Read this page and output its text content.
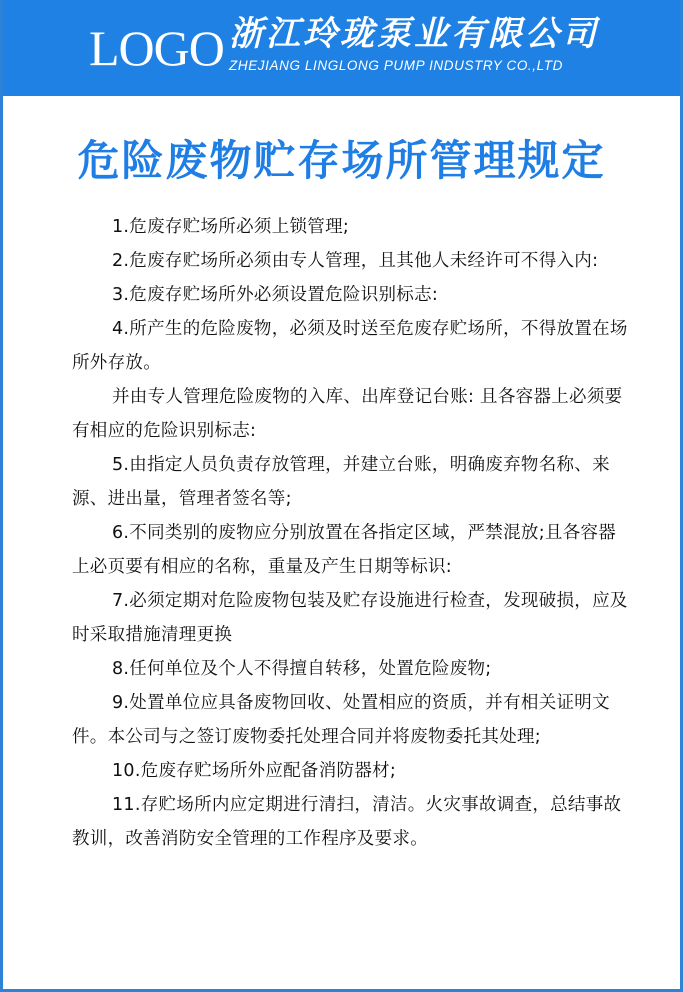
LOGO 浙江玲珑泵业有限公司
ZHEJIANG LINGLONG PUMP INDUSTRY CO.,LTD
危险废物贮存场所管理规定

1.危废存贮场所必须上锁管理;

2.危废存贮场所必须由专人管理，且其他人未经许可不得入内:

3.危废存贮场所外必须设置危险识别标志:

4.所产生的危险废物，必须及时送至危废存贮场所，不得放置在场所外存放。

并由专人管理危险废物的入库、出库登记台账: 且各容器上必须要有相应的危险识别标志:

5.由指定人员负责存放管理，并建立台账，明确废弃物名称、来源、进出量，管理者签名等;

6.不同类别的废物应分别放置在各指定区域，严禁混放;且各容器上必页要有相应的名称，重量及产生日期等标识:

7.必须定期对危险废物包装及贮存设施进行检查，发现破损，应及时采取措施清理更换

8.任何单位及个人不得擅自转移，处置危险废物;

9.处置单位应具备废物回收、处置相应的资质，并有相关证明文件。本公司与之签订废物委托处理合同并将废物委托其处理;

10.危废存贮场所外应配备消防器材;

11.存贮场所内应定期进行清扫，清洁。火灾事故调查，总结事故教训，改善消防安全管理的工作程序及要求。
